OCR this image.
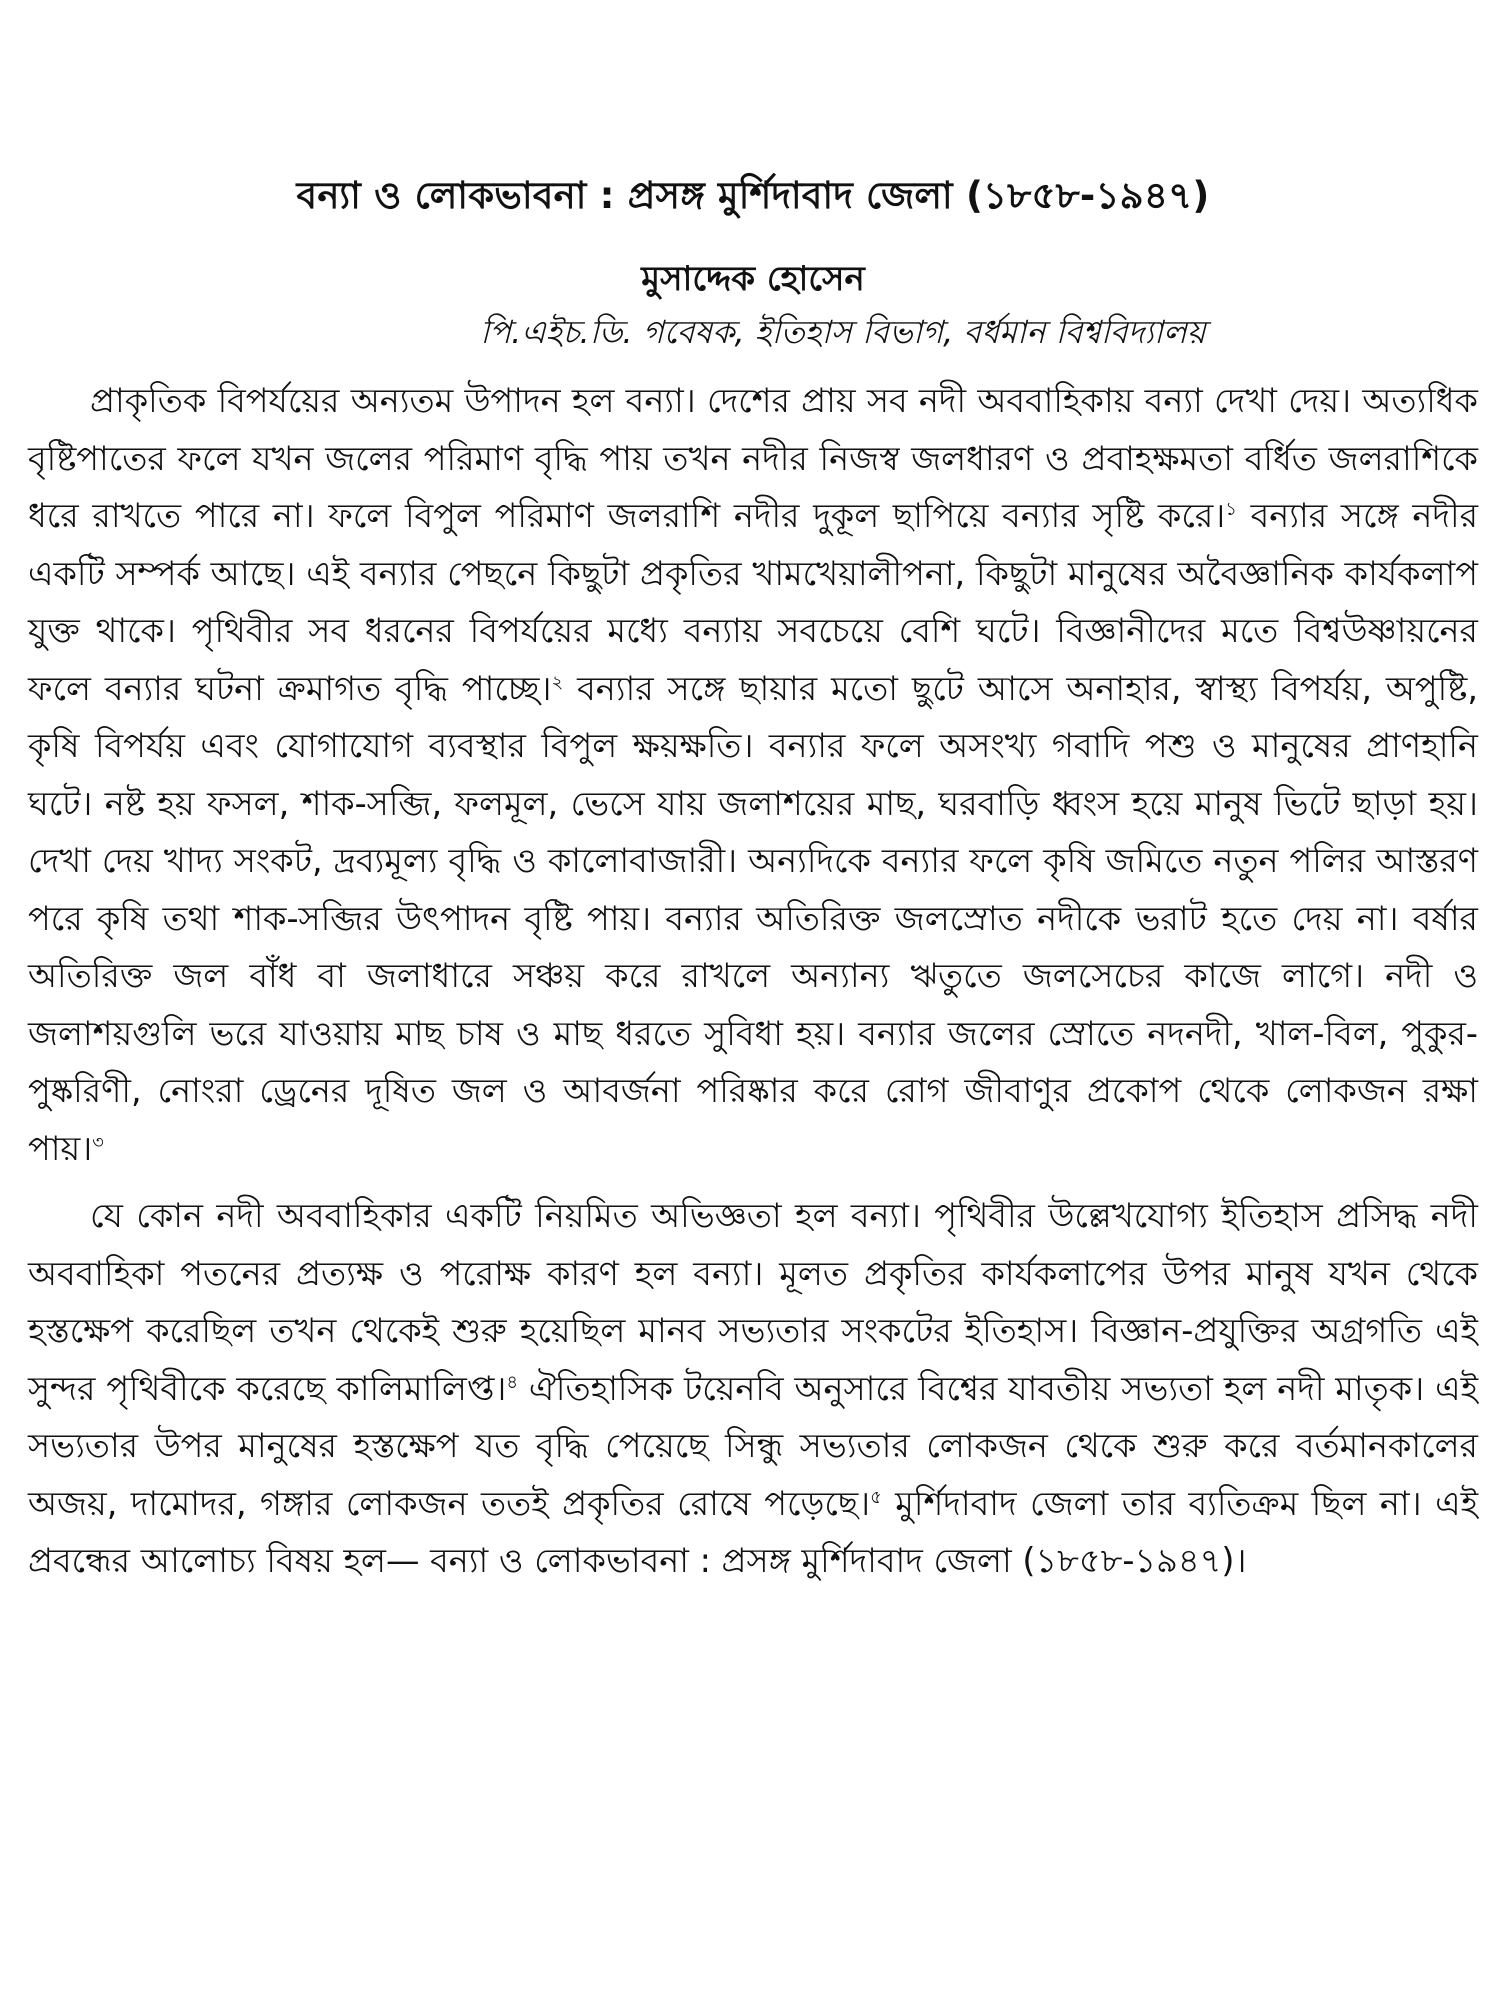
বন্যা ও লোকভাবনা : প্রসঙ্গ মুর্শিদাবাদ জেলা (১৮৫৮-১৯৪৭)

মুসাদ্দেক হোসেন

পি.এইচ.ডি. গবেষক, ইতিহাস বিভাগ, বর্ধমান বিশ্ববিদ্যালয়

প্রাকৃতিক বিপর্যয়ের অন্যতম উপাদন হল বন্যা। দেশের প্রায় সব নদী অববাহিকায় বন্যা দেখা দেয়। অত্যধিক বৃষ্টিপাতের ফলে যখন জলের পরিমাণ বৃদ্ধি পায় তখন নদীর নিজস্ব জলধারণ ও প্রবাহক্ষমতা বর্ধিত জলরাশিকে ধরে রাখতে পারে না। ফলে বিপুল পরিমাণ জলরাশি নদীর দুকূল ছাপিয়ে বন্যার সৃষ্টি করে।$^১$ বন্যার সঙ্গে নদীর একটি সম্পর্ক আছে। এই বন্যার পেছনে কিছুটা প্রকৃতির খামখেয়ালীপনা, কিছুটা মানুষের অবৈজ্ঞানিক কার্যকলাপ যুক্ত থাকে। পৃথিবীর সব ধরনের বিপর্যয়ের মধ্যে বন্যায় সবচেয়ে বেশি ঘটে। বিজ্ঞানীদের মতে বিশ্বউষ্ণায়নের ফলে বন্যার ঘটনা ক্রমাগত বৃদ্ধি পাচ্ছে।$^২$ বন্যার সঙ্গে ছায়ার মতো ছুটে আসে অনাহার, স্বাস্থ্য বিপর্যয়, অপুষ্টি, কৃষি বিপর্যয় এবং যোগাযোগ ব্যবস্থার বিপুল ক্ষয়ক্ষতি। বন্যার ফলে অসংখ্য গবাদি পশু ও মানুষের প্রাণহানি ঘটে। নষ্ট হয় ফসল, শাক-সব্জি, ফলমূল, ভেসে যায় জলাশয়ের মাছ, ঘরবাড়ি ধ্বংস হয়ে মানুষ ভিটে ছাড়া হয়। দেখা দেয় খাদ্য সংকট, দ্রব্যমূল্য বৃদ্ধি ও কালোবাজারী। অন্যদিকে বন্যার ফলে কৃষি জমিতে নতুন পলির আস্তরণ পরে কৃষি তথা শাক-সব্জির উৎপাদন বৃষ্টি পায়। বন্যার অতিরিক্ত জলস্রোত নদীকে ভরাট হতে দেয় না। বর্ষার অতিরিক্ত জল বাঁধ বা জলাধারে সঞ্চয় করে রাখলে অন্যান্য ঋতুতে জলসেচের কাজে লাগে। নদী ও জলাশয়গুলি ভরে যাওয়ায় মাছ চাষ ও মাছ ধরতে সুবিধা হয়। বন্যার জলের স্রোতে নদনদী, খাল-বিল, পুকুর-পুষ্করিণী, নোংরা ড্রেনের দূষিত জল ও আবর্জনা পরিষ্কার করে রোগ জীবাণুর প্রকোপ থেকে লোকজন রক্ষা পায়।$^৩$

যে কোন নদী অববাহিকার একটি নিয়মিত অভিজ্ঞতা হল বন্যা। পৃথিবীর উল্লেখযোগ্য ইতিহাস প্রসিদ্ধ নদী অববাহিকা পতনের প্রত্যক্ষ ও পরোক্ষ কারণ হল বন্যা। মূলত প্রকৃতির কার্যকলাপের উপর মানুষ যখন থেকে হস্তক্ষেপ করেছিল তখন থেকেই শুরু হয়েছিল মানব সভ্যতার সংকটের ইতিহাস। বিজ্ঞান-প্রযুক্তির অগ্রগতি এই সুন্দর পৃথিবীকে করেছে কালিমালিপ্ত।$^৪$ ঐতিহাসিক টয়েনবি অনুসারে বিশ্বের যাবতীয় সভ্যতা হল নদী মাতৃক। এই সভ্যতার উপর মানুষের হস্তক্ষেপ যত বৃদ্ধি পেয়েছে সিন্ধু সভ্যতার লোকজন থেকে শুরু করে বর্তমানকালের অজয়, দামোদর, গঙ্গার লোকজন ততই প্রকৃতির রোষে পড়েছে।$^৫$ মুর্শিদাবাদ জেলা তার ব্যতিক্রম ছিল না। এই প্রবন্ধের আলোচ্য বিষয় হল— বন্যা ও লোকভাবনা : প্রসঙ্গ মুর্শিদাবাদ জেলা (১৮৫৮-১৯৪৭)।
